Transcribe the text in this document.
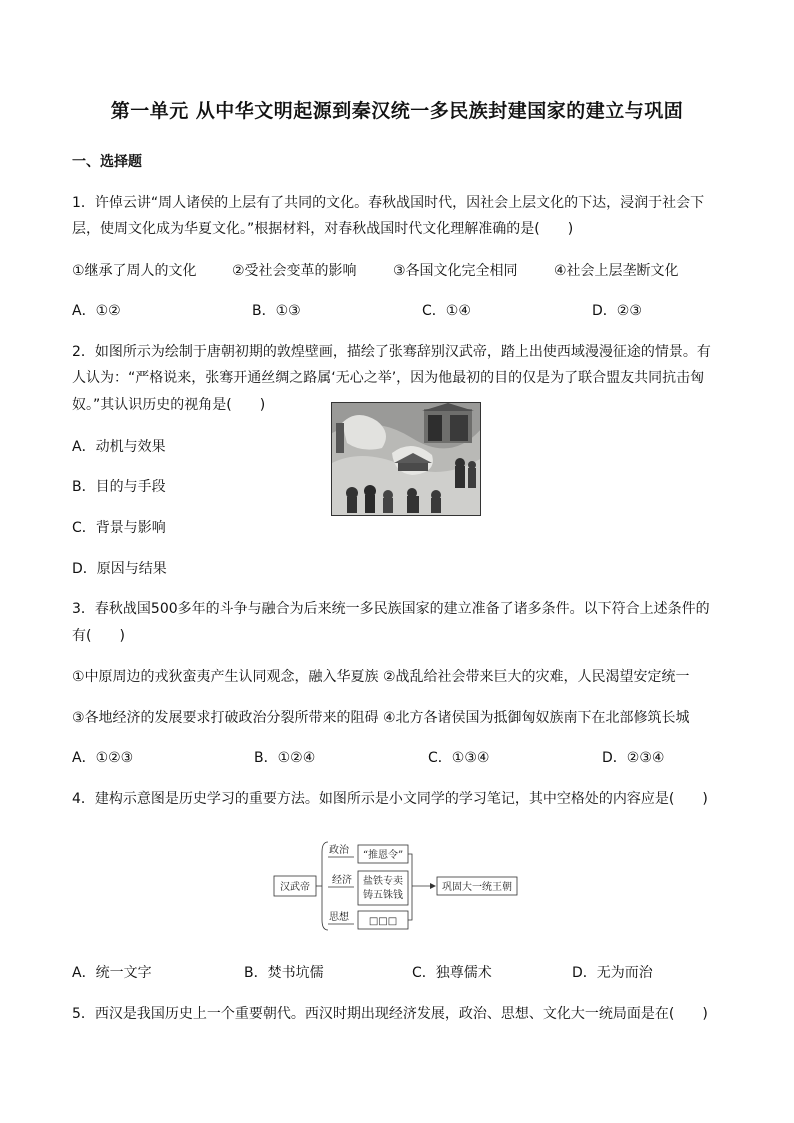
第一单元 从中华文明起源到秦汉统一多民族封建国家的建立与巩固
一、选择题
1．许倬云讲“周人诸侯的上层有了共同的文化。春秋战国时代，因社会上层文化的下达，浸润于社会下
层，使周文化成为华夏文化。”根据材料，对春秋战国时代文化理解准确的是(　　)
①继承了周人的文化	②受社会变革的影响	③各国文化完全相同	④社会上层垄断文化
A．①②	B．①③	C．①④	D．②③
2．如图所示为绘制于唐朝初期的敦煌壁画，描绘了张骞辞别汉武帝，踏上出使西域漫漫征途的情景。有
人认为：“严格说来，张骞开通丝绸之路属‘无心之举’，因为他最初的目的仅是为了联合盟友共同抗击匈
奴。”其认识历史的视角是(　　)
A．动机与效果
B．目的与手段
C．背景与影响
D．原因与结果
3．春秋战国500多年的斗争与融合为后来统一多民族国家的建立准备了诸多条件。以下符合上述条件的
有(　　)
①中原周边的戎狄蛮夷产生认同观念，融入华夏族 ②战乱给社会带来巨大的灾难，人民渴望安定统一
③各地经济的发展要求打破政治分裂所带来的阻碍 ④北方各诸侯国为抵御匈奴族南下在北部修筑长城
A．①②③	B．①②④	C．①③④	D．②③④
4．建构示意图是历史学习的重要方法。如图所示是小文同学的学习笔记，其中空格处的内容应是(　　)
汉武帝
政治
经济
思想
“推恩令”
盐铁专卖
铸五铢钱
□□□
巩固大一统王朝
A．统一文字	B．焚书坑儒	C．独尊儒术	D．无为而治
5．西汉是我国历史上一个重要朝代。西汉时期出现经济发展，政治、思想、文化大一统局面是在(　　)
